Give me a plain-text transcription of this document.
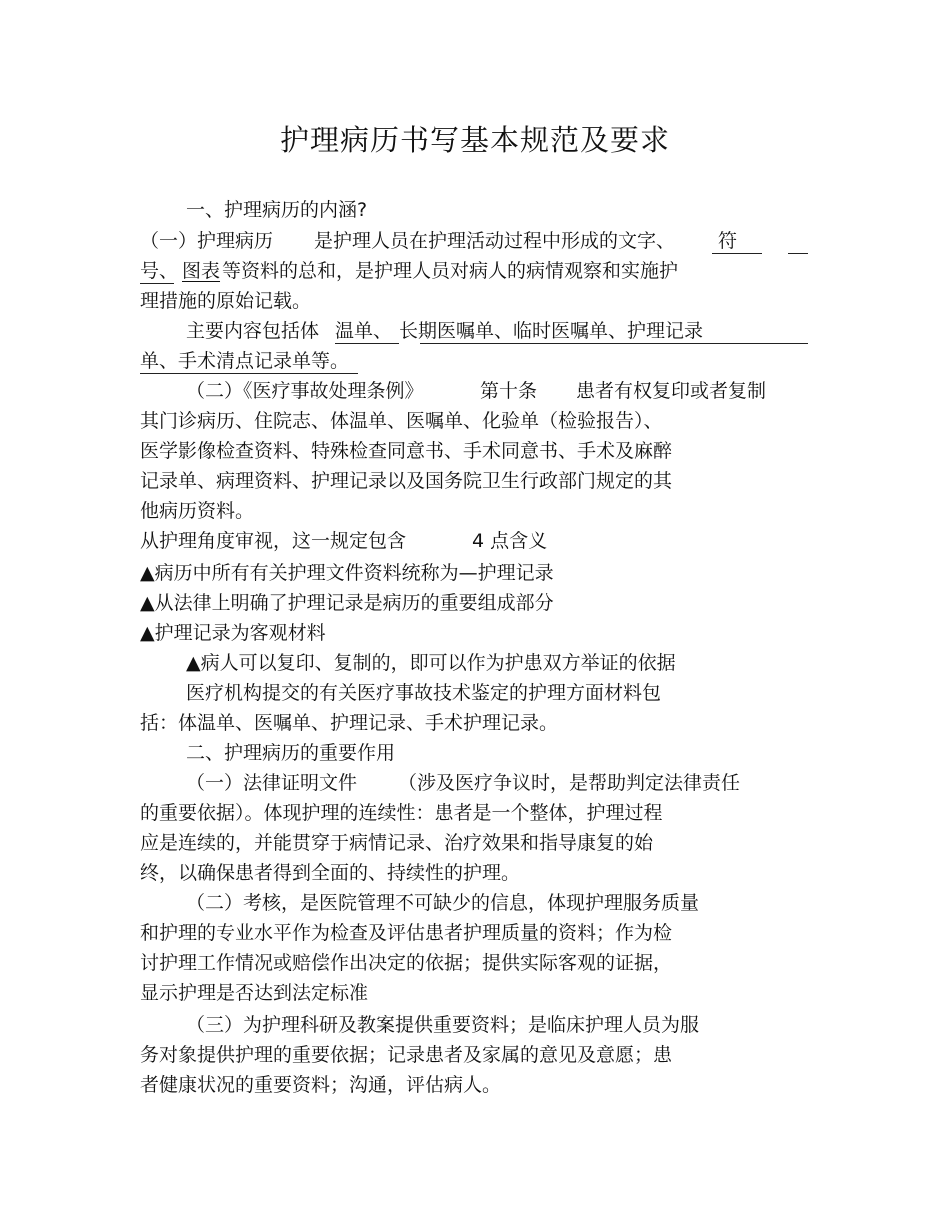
护理病历书写基本规范及要求
一、护理病历的内涵?
（一）护理病历 是护理人员在护理活动过程中形成的文字、 符
号、 图表 等资料的总和，是护理人员对病人的病情观察和实施护
理措施的原始记载。
主要内容包括体 温单、 长期医嘱单、临时医嘱单、护理记录
单、手术清点记录单等。
（二）《医疗事故处理条例》	第十条 患者有权复印或者复制
其门诊病历、住院志、体温单、医嘱单、化验单（检验报告）、
医学影像检查资料、特殊检查同意书、手术同意书、手术及麻醉
记录单、病理资料、护理记录以及国务院卫生行政部门规定的其
他病历资料。
从护理角度审视，这一规定包含	4 点含义
▲病历中所有有关护理文件资料统称为—护理记录
▲从法律上明确了护理记录是病历的重要组成部分
▲护理记录为客观材料
▲病人可以复印、复制的，即可以作为护患双方举证的依据
医疗机构提交的有关医疗事故技术鉴定的护理方面材料包
括：体温单、医嘱单、护理记录、手术护理记录。
二、护理病历的重要作用
（一）法律证明文件 （涉及医疗争议时，是帮助判定法律责任
的重要依据）。体现护理的连续性：患者是一个整体，护理过程
应是连续的，并能贯穿于病情记录、治疗效果和指导康复的始
终，以确保患者得到全面的、持续性的护理。
（二）考核，是医院管理不可缺少的信息，体现护理服务质量
和护理的专业水平作为检查及评估患者护理质量的资料；作为检
讨护理工作情况或赔偿作出决定的依据；提供实际客观的证据，
显示护理是否达到法定标准
（三）为护理科研及教案提供重要资料；是临床护理人员为服
务对象提供护理的重要依据；记录患者及家属的意见及意愿；患
者健康状况的重要资料；沟通，评估病人。
